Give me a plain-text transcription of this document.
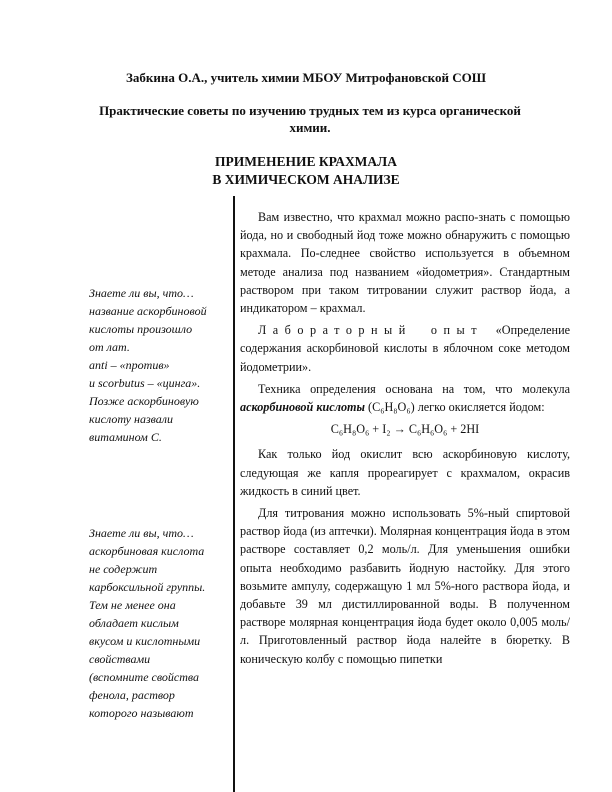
Забкина О.А., учитель химии МБОУ Митрофановской СОШ
Практические советы по изучению трудных тем из курса органической химии.
ПРИМЕНЕНИЕ КРАХМАЛА
В ХИМИЧЕСКОМ АНАЛИЗЕ
Знаете ли вы, что…
название аскорбиновой
кислоты произошло
от лат.
anti – «против»
и scorbutus – «цинга».
Позже аскорбиновую
кислоту назвали
витамином С.
Знаете ли вы, что…
аскорбиновая кислота
не содержит
карбоксильной группы.
Тем не менее она
обладает кислым
вкусом и кислотными
свойствами
(вспомните свойства
фенола, раствор
которого называют

Вам известно, что крахмал можно распо-знать с помощью йода, но и свободный йод тоже можно обнаружить с помощью крахмала. По-следнее свойство используется в объемном методе анализа под названием «йодометрия». Стандартным раствором при таком титровании служит раствор йода, а индикатором – крахмал.

Лабораторный опыт «Определение содержания аскорбиновой кислоты в яблочном соке методом йодометрии».

Техника определения основана на том, что молекула аскорбиновой кислоты (C₆H₈O₆) легко окисляется йодом:

C₆H₈O₆ + I₂ → C₆H₆O₆ + 2HI

Как только йод окислит всю аскорбиновую кислоту, следующая же капля прореагирует с крахмалом, окрасив жидкость в синий цвет.

Для титрования можно использовать 5%-ный спиртовой раствор йода (из аптечки). Молярная концентрация йода в этом растворе составляет 0,2 моль/л. Для уменьшения ошибки опыта необходимо разбавить йодную настойку. Для этого возьмите ампулу, содержащую 1 мл 5%-ного раствора йода, и добавьте 39 мл дистиллированной воды. В полученном растворе молярная концентрация йода будет около 0,005 моль/л. Приготовленный раствор йода налейте в бюретку. В коническую колбу с помощью пипетки
